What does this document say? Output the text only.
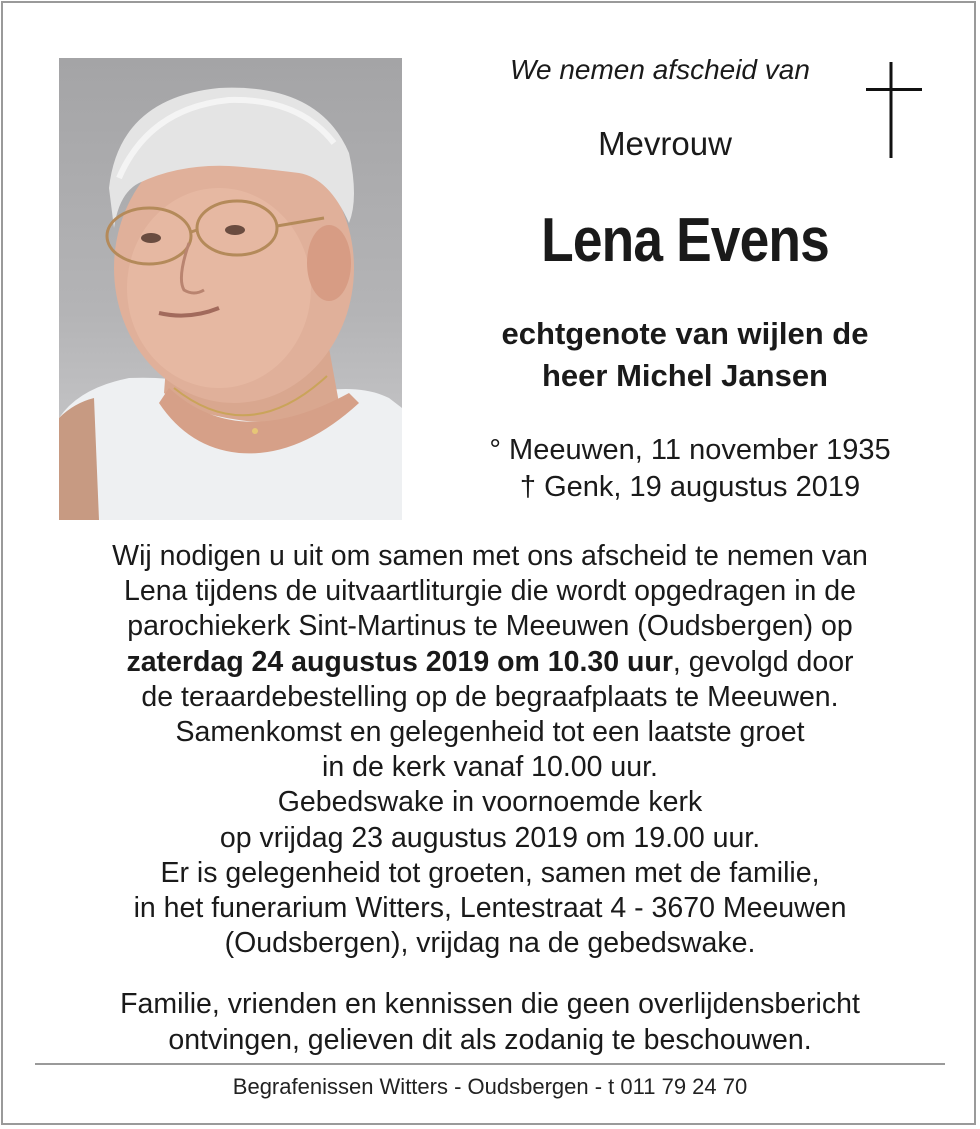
We nemen afscheid van
Mevrouw
Lena Evens
echtgenote van wijlen de
heer Michel Jansen
° Meeuwen, 11 november 1935
† Genk, 19 augustus 2019

Wij nodigen u uit om samen met ons afscheid te nemen van

Lena tijdens de uitvaartliturgie die wordt opgedragen in de

parochiekerk Sint-Martinus te Meeuwen (Oudsbergen) op

zaterdag 24 augustus 2019 om 10.30 uur, gevolgd door

de teraardebestelling op de begraafplaats te Meeuwen.

Samenkomst en gelegenheid tot een laatste groet

in de kerk vanaf 10.00 uur.

Gebedswake in voornoemde kerk

op vrijdag 23 augustus 2019 om 19.00 uur.

Er is gelegenheid tot groeten, samen met de familie,

in het funerarium Witters, Lentestraat 4 - 3670 Meeuwen

(Oudsbergen), vrijdag na de gebedswake.

Familie, vrienden en kennissen die geen overlijdensbericht

ontvingen, gelieven dit als zodanig te beschouwen.

Begrafenissen Witters - Oudsbergen - t 011 79 24 70
